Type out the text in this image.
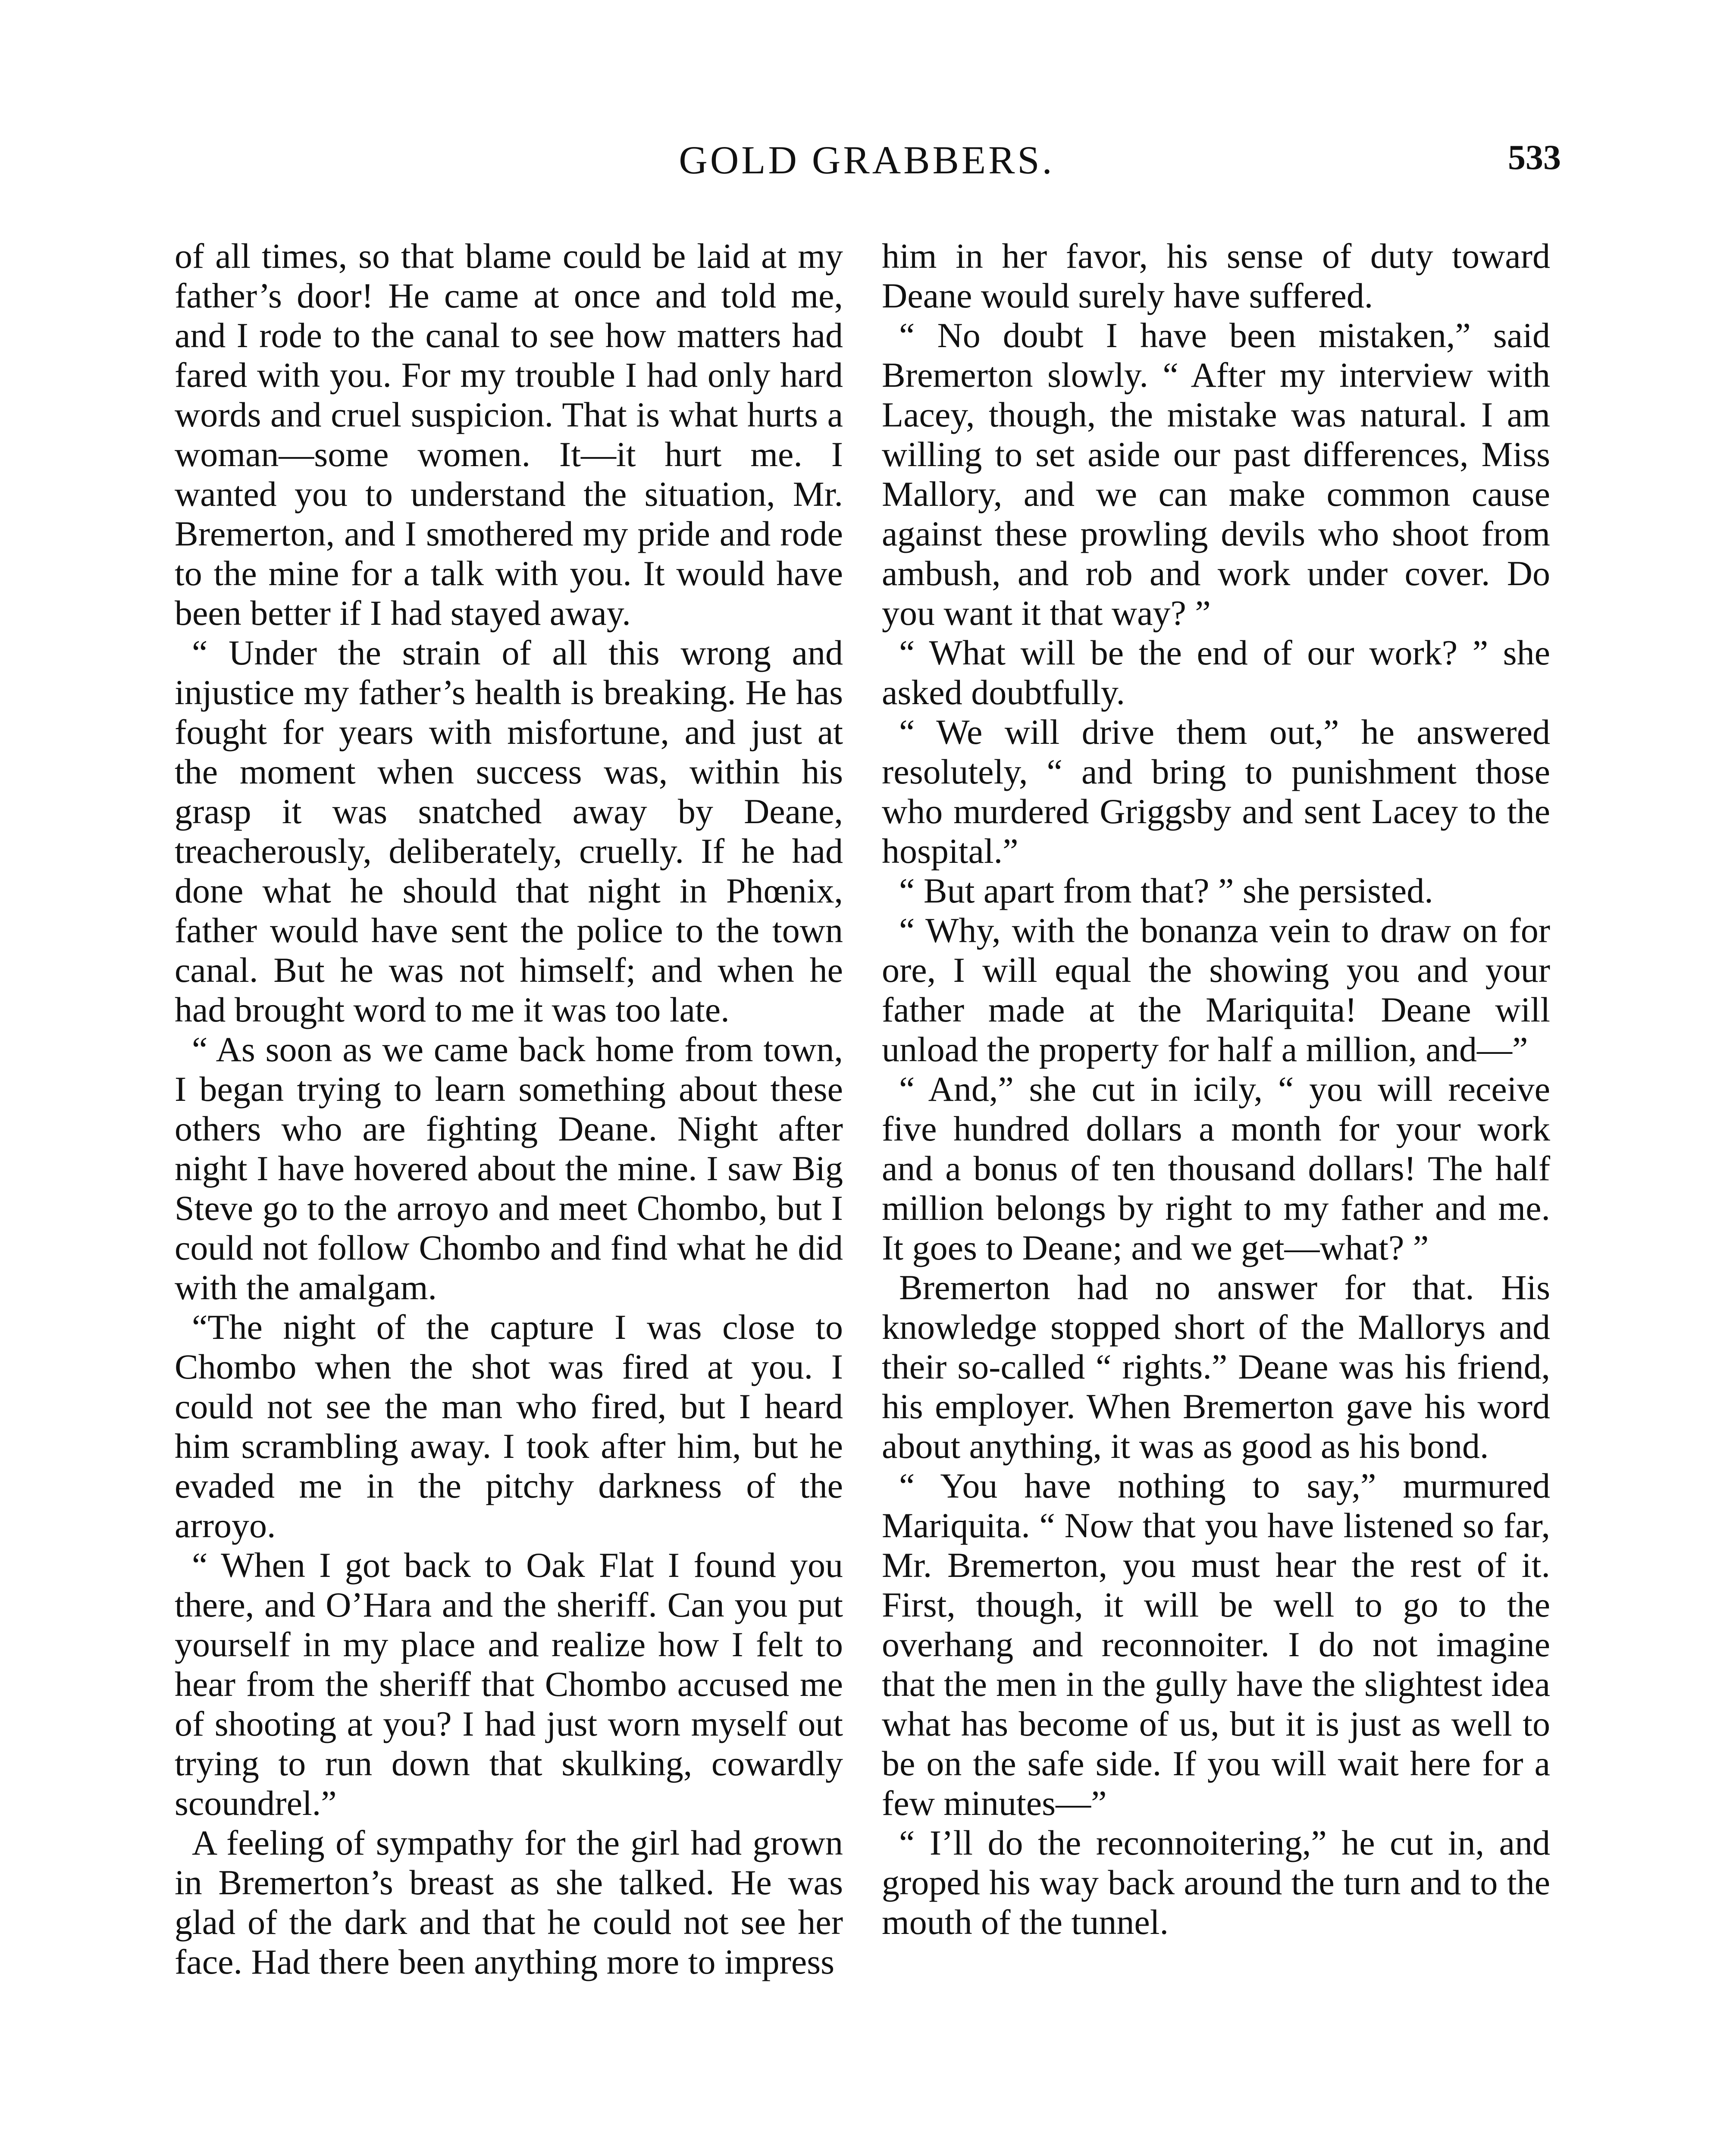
GOLD GRABBERS.	533

of all times, so that blame could be laid at my father’s door! He came at once and told me, and I rode to the canal to see how matters had fared with you. For my trouble I had only hard words and cruel suspicion. That is what hurts a woman—some women. It—it hurt me. I wanted you to understand the situation, Mr. Bremerton, and I smothered my pride and rode to the mine for a talk with you. It would have been better if I had stayed away.

“ Under the strain of all this wrong and injustice my father’s health is breaking. He has fought for years with misfortune, and just at the moment when success was, within his grasp it was snatched away by Deane, treacherously, deliberately, cruelly. If he had done what he should that night in Phœnix, father would have sent the police to the town canal. But he was not himself; and when he had brought word to me it was too late.

“ As soon as we came back home from town, I began trying to learn something about these others who are fighting Deane. Night after night I have hovered about the mine. I saw Big Steve go to the arroyo and meet Chombo, but I could not follow Chombo and find what he did with the amalgam.

“The night of the capture I was close to Chombo when the shot was fired at you. I could not see the man who fired, but I heard him scrambling away. I took after him, but he evaded me in the pitchy darkness of the arroyo.

“ When I got back to Oak Flat I found you there, and O’Hara and the sheriff. Can you put yourself in my place and realize how I felt to hear from the sheriff that Chombo accused me of shooting at you? I had just worn myself out trying to run down that skulking, cowardly scoundrel.”

A feeling of sympathy for the girl had grown in Bremerton’s breast as she talked. He was glad of the dark and that he could not see her face. Had there been anything more to impress

him in her favor, his sense of duty toward Deane would surely have suffered.

“ No doubt I have been mistaken,” said Bremerton slowly. “ After my interview with Lacey, though, the mistake was natural. I am willing to set aside our past differences, Miss Mallory, and we can make common cause against these prowling devils who shoot from ambush, and rob and work under cover. Do you want it that way? ”

“ What will be the end of our work? ” she asked doubtfully.

“ We will drive them out,” he answered resolutely, “ and bring to punishment those who murdered Griggsby and sent Lacey to the hospital.”

“ But apart from that? ” she persisted.

“ Why, with the bonanza vein to draw on for ore, I will equal the showing you and your father made at the Mariquita! Deane will unload the property for half a million, and—”

“ And,” she cut in icily, “ you will receive five hundred dollars a month for your work and a bonus of ten thousand dollars! The half million belongs by right to my father and me. It goes to Deane; and we get—what? ”

Bremerton had no answer for that. His knowledge stopped short of the Mallorys and their so-called “ rights.” Deane was his friend, his employer. When Bremerton gave his word about anything, it was as good as his bond.

“ You have nothing to say,” murmured Mariquita. “ Now that you have listened so far, Mr. Bremerton, you must hear the rest of it. First, though, it will be well to go to the overhang and reconnoiter. I do not imagine that the men in the gully have the slightest idea what has become of us, but it is just as well to be on the safe side. If you will wait here for a few minutes—”

“ I’ll do the reconnoitering,” he cut in, and groped his way back around the turn and to the mouth of the tunnel.
